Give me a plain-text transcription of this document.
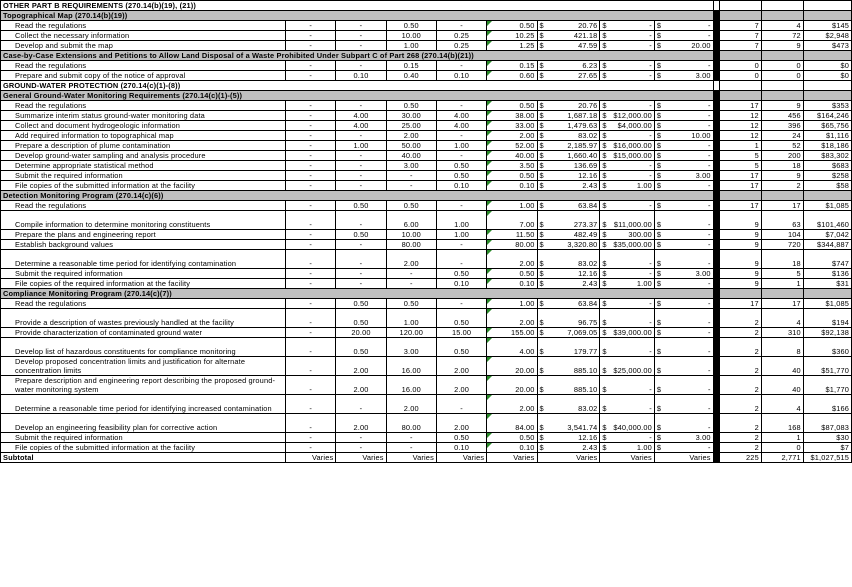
OTHER PART B REQUIREMENTS (270.14(b)(19), (21))												
Topographical Map (270.14(b)(19))												
Read the regulations	-	-	0.50	-	0.50	$ 20.76	$ -	$ -		7	4	$145
Collect the necessary information	-	-	10.00	0.25	10.25	$ 421.18	$ -	$ -		7	72	$2,948
Develop and submit the map	-	-	1.00	0.25	1.25	$ 47.59	$ -	$ 20.00		7	9	$473
Case-by-Case Extensions and Petitions to Allow Land Disposal of a Waste Prohibited Under Subpart C of Part 268 (270.14(b)(21))												
Read the regulations	-	-	0.15	-	0.15	$ 6.23	$ -	$ -		0	0	$0
Prepare and submit copy of the notice of approval	-	0.10	0.40	0.10	0.60	$ 27.65	$ -	$ 3.00		0	0	$0
GROUND-WATER PROTECTION (270.14(c)(1)-(8))												
General Ground-Water Monitoring Requirements (270.14(c)(1)-(5))												
Read the regulations	-	-	0.50	-	0.50	$ 20.76	$ -	$ -		17	9	$353
Summarize interim status ground-water monitoring data	-	4.00	30.00	4.00	38.00	$ 1,687.18	$ $12,000.00	$ -		12	456	$164,246
Collect and document hydrogeologic information	-	4.00	25.00	4.00	33.00	$ 1,479.63	$ $4,000.00	$ -		12	396	$65,756
Add required information to topographical map	-	-	2.00	-	2.00	$ 83.02	$ -	$ 10.00		12	24	$1,116
Prepare a description of plume contamination	-	1.00	50.00	1.00	52.00	$ 2,185.97	$ $16,000.00	$ -		1	52	$18,186
Develop ground-water sampling and analysis procedure	-	-	40.00	-	40.00	$ 1,660.40	$ $15,000.00	$ -		5	200	$83,302
Determine appropriate statistical method	-	-	3.00	0.50	3.50	$ 136.69	$ -	$ -		5	18	$683
Submit the required information	-	-	-	0.50	0.50	$ 12.16	$ -	$ 3.00		17	9	$258
File copies of the submitted information at the facility	-	-	-	0.10	0.10	$ 2.43	$ 1.00	$ -		17	2	$58
Detection Monitoring Program (270.14(c)(6))												
Read the regulations	-	0.50	0.50	-	1.00	$ 63.84	$ -	$ -		17	17	$1,085
Compile information to determine monitoring constituents	-	-	6.00	1.00	7.00	$ 273.37	$ $11,000.00	$ -		9	63	$101,460
Prepare the plans and engineering report	-	0.50	10.00	1.00	11.50	$ 482.49	$ 300.00	$ -		9	104	$7,042
Establish background values	-	-	80.00	-	80.00	$ 3,320.80	$ $35,000.00	$ -		9	720	$344,887
Determine a reasonable time period for identifying contamination	-	-	2.00	-	2.00	$ 83.02	$ -	$ -		9	18	$747
Submit the required information	-	-	-	0.50	0.50	$ 12.16	$ -	$ 3.00		9	5	$136
File copies of the required information at the facility	-	-	-	0.10	0.10	$ 2.43	$ 1.00	$ -		9	1	$31
Compliance Monitoring Program (270.14(c)(7))												
Read the regulations	-	0.50	0.50	-	1.00	$ 63.84	$ -	$ -		17	17	$1,085
Provide a description of wastes previously handled at the facility	-	0.50	1.00	0.50	2.00	$ 96.75	$ -	$ -		2	4	$194
Provide characterization of contaminated ground water	-	20.00	120.00	15.00	155.00	$ 7,069.05	$ $39,000.00	$ -		2	310	$92,138
Develop list of hazardous constituents for compliance monitoring	-	0.50	3.00	0.50	4.00	$ 179.77	$ -	$ -		2	8	$360
Develop proposed concentration limits and justification for alternate concentration limits	-	2.00	16.00	2.00	20.00	$ 885.10	$ $25,000.00	$ -		2	40	$51,770
Prepare description and engineering report describing the proposed ground-water monitoring system	-	2.00	16.00	2.00	20.00	$ 885.10	$ -	$ -		2	40	$1,770
Determine a reasonable time period for identifying increased contamination	-	-	2.00	-	2.00	$ 83.02	$ -	$ -		2	4	$166
Develop an engineering feasibility plan for corrective action	-	2.00	80.00	2.00	84.00	$ 3,541.74	$ $40,000.00	$ -		2	168	$87,083
Submit the required information	-	-	-	0.50	0.50	$ 12.16	$ -	$ 3.00		2	1	$30
File copies of the submitted information at the facility	-	-	-	0.10	0.10	$ 2.43	$ 1.00	$ -		2	0	$7
Subtotal	Varies	Varies	Varies	Varies	Varies	Varies	Varies	Varies		225	2,771	$1,027,515
